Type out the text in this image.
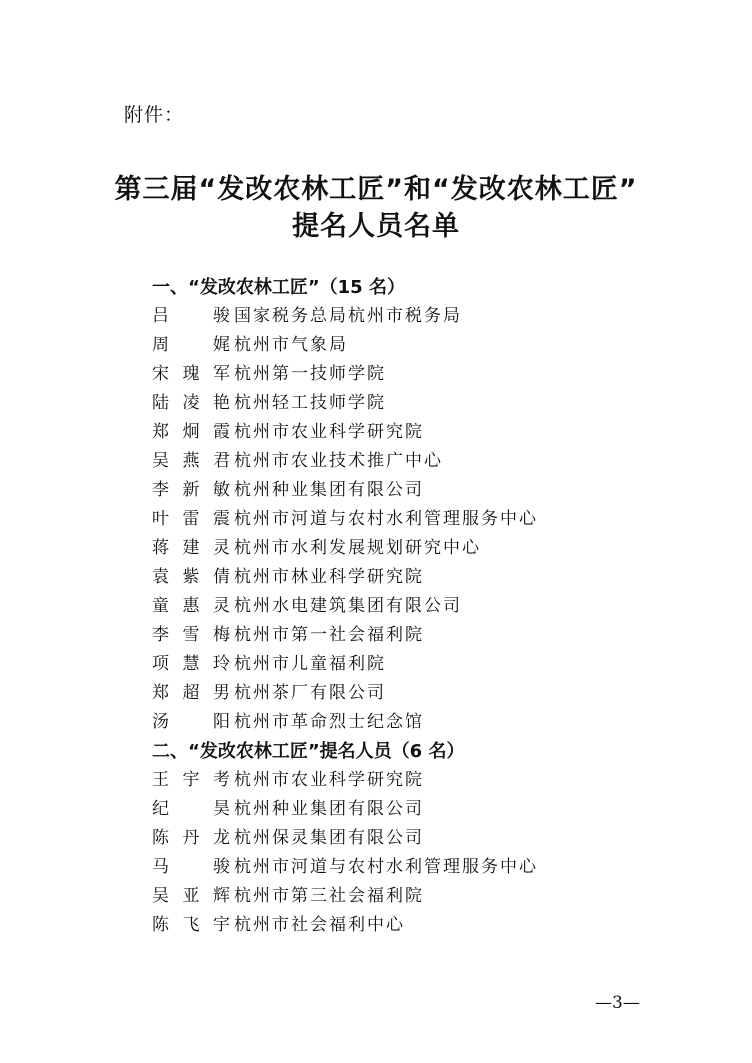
附件：
第三届“发改农林工匠”和“发改农林工匠”
提名人员名单
一、“发改农林工匠”（15 名）
吕骏 国家税务总局杭州市税务局
周娓 杭州市气象局
宋瑰军 杭州第一技师学院
陆凌艳 杭州轻工技师学院
郑炯霞 杭州市农业科学研究院
吴燕君 杭州市农业技术推广中心
李新敏 杭州种业集团有限公司
叶雷震 杭州市河道与农村水利管理服务中心
蒋建灵 杭州市水利发展规划研究中心
袁紫倩 杭州市林业科学研究院
童惠灵 杭州水电建筑集团有限公司
李雪梅 杭州市第一社会福利院
项慧玲 杭州市儿童福利院
郑超男 杭州茶厂有限公司
汤阳 杭州市革命烈士纪念馆
二、“发改农林工匠”提名人员（6 名）
王宇考 杭州市农业科学研究院
纪昊 杭州种业集团有限公司
陈丹龙 杭州保灵集团有限公司
马骏 杭州市河道与农村水利管理服务中心
吴亚辉 杭州市第三社会福利院
陈飞宇 杭州市社会福利中心
—3—
